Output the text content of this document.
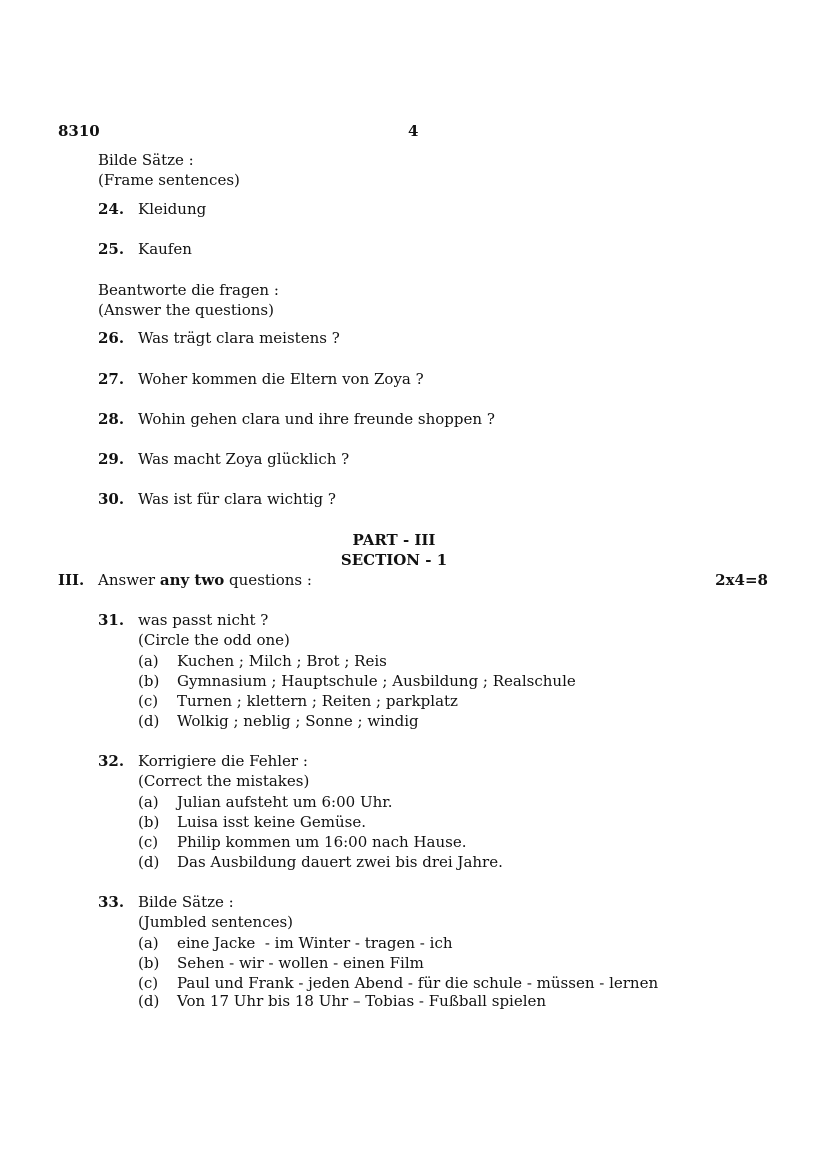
8310	4
Bilde Sätze :
(Frame sentences)
24. Kleidung
25. Kaufen
Beantworte die fragen :
(Answer the questions)
26. Was trägt clara meistens ?
27. Woher kommen die Eltern von Zoya ?
28. Wohin gehen clara und ihre freunde shoppen ?
29. Was macht Zoya glücklich ?
30. Was ist für clara wichtig ?
PART - III
SECTION - 1
III. Answer any two questions :	2x4=8
31. was passt nicht ?
(Circle the odd one)
(a) Kuchen ; Milch ; Brot ; Reis
(b) Gymnasium ; Hauptschule ; Ausbildung ; Realschule
(c) Turnen ; klettern ; Reiten ; parkplatz
(d) Wolkig ; neblig ; Sonne ; windig
32. Korrigiere die Fehler :
(Correct the mistakes)
(a) Julian aufsteht um 6:00 Uhr.
(b) Luisa isst keine Gemüse.
(c) Philip kommen um 16:00 nach Hause.
(d) Das Ausbildung dauert zwei bis drei Jahre.
33. Bilde Sätze :
(Jumbled sentences)
(a) eine Jacke  - im Winter - tragen - ich
(b) Sehen - wir - wollen - einen Film
(c) Paul und Frank - jeden Abend - für die schule - müssen - lernen
(d) Von 17 Uhr bis 18 Uhr – Tobias - Fußball spielen
